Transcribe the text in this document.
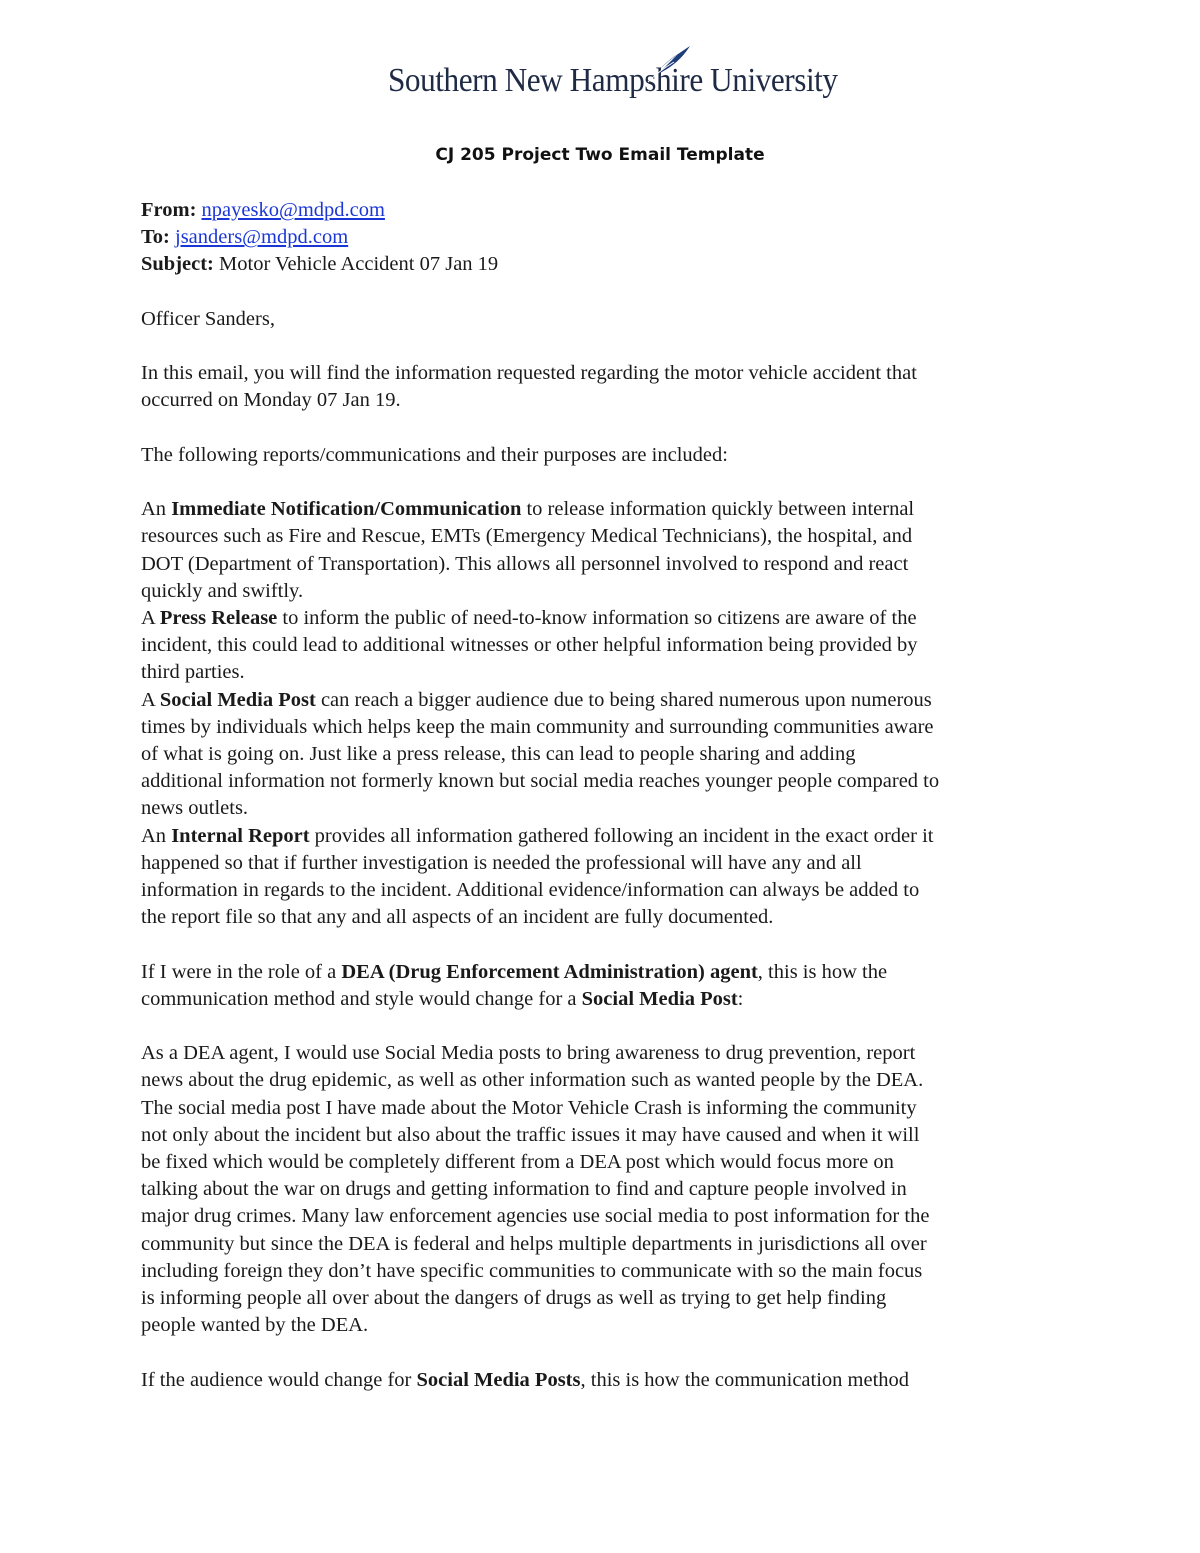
Southern New Hampshire University
CJ 205 Project Two Email Template

From: npayesko@mdpd.com

To: jsanders@mdpd.com

Subject: Motor Vehicle Accident 07 Jan 19

Officer Sanders,

In this email, you will find the information requested regarding the motor vehicle accident that
occurred on Monday 07 Jan 19.

The following reports/communications and their purposes are included:

An Immediate Notification/Communication to release information quickly between internal
resources such as Fire and Rescue, EMTs (Emergency Medical Technicians), the hospital, and
DOT (Department of Transportation). This allows all personnel involved to respond and react
quickly and swiftly.

A Press Release to inform the public of need-to-know information so citizens are aware of the
incident, this could lead to additional witnesses or other helpful information being provided by
third parties.

A Social Media Post can reach a bigger audience due to being shared numerous upon numerous
times by individuals which helps keep the main community and surrounding communities aware
of what is going on. Just like a press release, this can lead to people sharing and adding
additional information not formerly known but social media reaches younger people compared to
news outlets.

An Internal Report provides all information gathered following an incident in the exact order it
happened so that if further investigation is needed the professional will have any and all
information in regards to the incident. Additional evidence/information can always be added to
the report file so that any and all aspects of an incident are fully documented.

If I were in the role of a DEA (Drug Enforcement Administration) agent, this is how the
communication method and style would change for a Social Media Post:

As a DEA agent, I would use Social Media posts to bring awareness to drug prevention, report
news about the drug epidemic, as well as other information such as wanted people by the DEA.
The social media post I have made about the Motor Vehicle Crash is informing the community
not only about the incident but also about the traffic issues it may have caused and when it will
be fixed which would be completely different from a DEA post which would focus more on
talking about the war on drugs and getting information to find and capture people involved in
major drug crimes. Many law enforcement agencies use social media to post information for the
community but since the DEA is federal and helps multiple departments in jurisdictions all over
including foreign they don’t have specific communities to communicate with so the main focus
is informing people all over about the dangers of drugs as well as trying to get help finding
people wanted by the DEA.

If the audience would change for Social Media Posts, this is how the communication method
